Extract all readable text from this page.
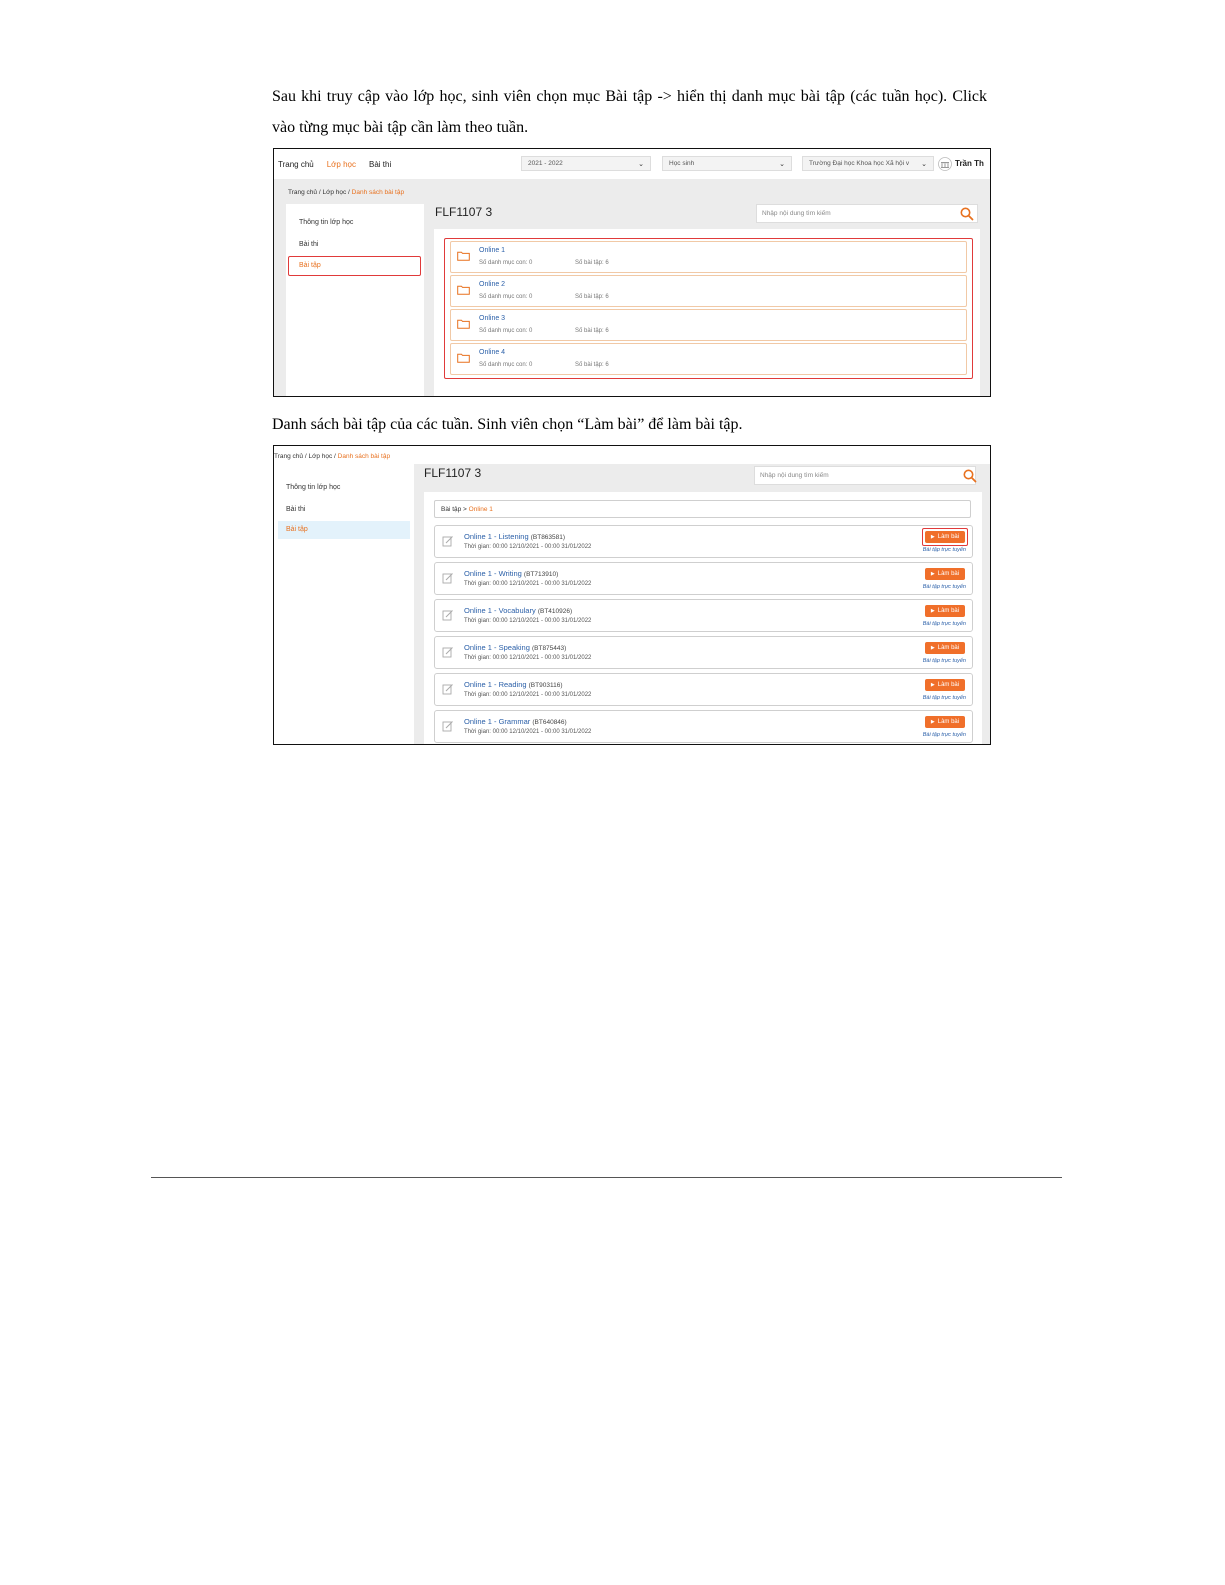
Sau khi truy cập vào lớp học, sinh viên chọn mục Bài tập -> hiển thị danh mục bài tập (các tuần học). Click vào từng mục bài tập cần làm theo tuần.
Trang chủ Lớp học Bài thi	2021 - 2022	⌄	Học sinh	⌄	Trường Đại học Khoa học Xã hội v ⌄	Trần Th
Trang chủ / Lớp học / Danh sách bài tập
Thông tin lớp học
Bài thi
Bài tập
FLF1107 3	Nhập nội dung tìm kiếm
Online 1
Số danh mục con: 0	Số bài tập: 6
Online 2
Số danh mục con: 0	Số bài tập: 6
Online 3
Số danh mục con: 0	Số bài tập: 6
Online 4
Số danh mục con: 0	Số bài tập: 6
Danh sách bài tập của các tuần. Sinh viên chọn “Làm bài” để làm bài tập.
Trang chủ / Lớp học / Danh sách bài tập
Thông tin lớp học
Bài thi
Bài tập
FLF1107 3	Nhập nội dung tìm kiếm
Bài tập >
Online 1
Online 1 - Listening (BT863581)
Thời gian: 00:00 12/10/2021 - 00:00 31/01/2022
▶ Làm bài
Bài tập trực tuyến
Online 1 - Writing (BT713910)
Thời gian: 00:00 12/10/2021 - 00:00 31/01/2022
▶ Làm bài
Bài tập trực tuyến
Online 1 - Vocabulary (BT410926)
Thời gian: 00:00 12/10/2021 - 00:00 31/01/2022
▶ Làm bài
Bài tập trực tuyến
Online 1 - Speaking (BT875443)
Thời gian: 00:00 12/10/2021 - 00:00 31/01/2022
▶ Làm bài
Bài tập trực tuyến
Online 1 - Reading (BT903116)
Thời gian: 00:00 12/10/2021 - 00:00 31/01/2022
▶ Làm bài
Bài tập trực tuyến
Online 1 - Grammar (BT640846)
Thời gian: 00:00 12/10/2021 - 00:00 31/01/2022
▶ Làm bài
Bài tập trực tuyến
